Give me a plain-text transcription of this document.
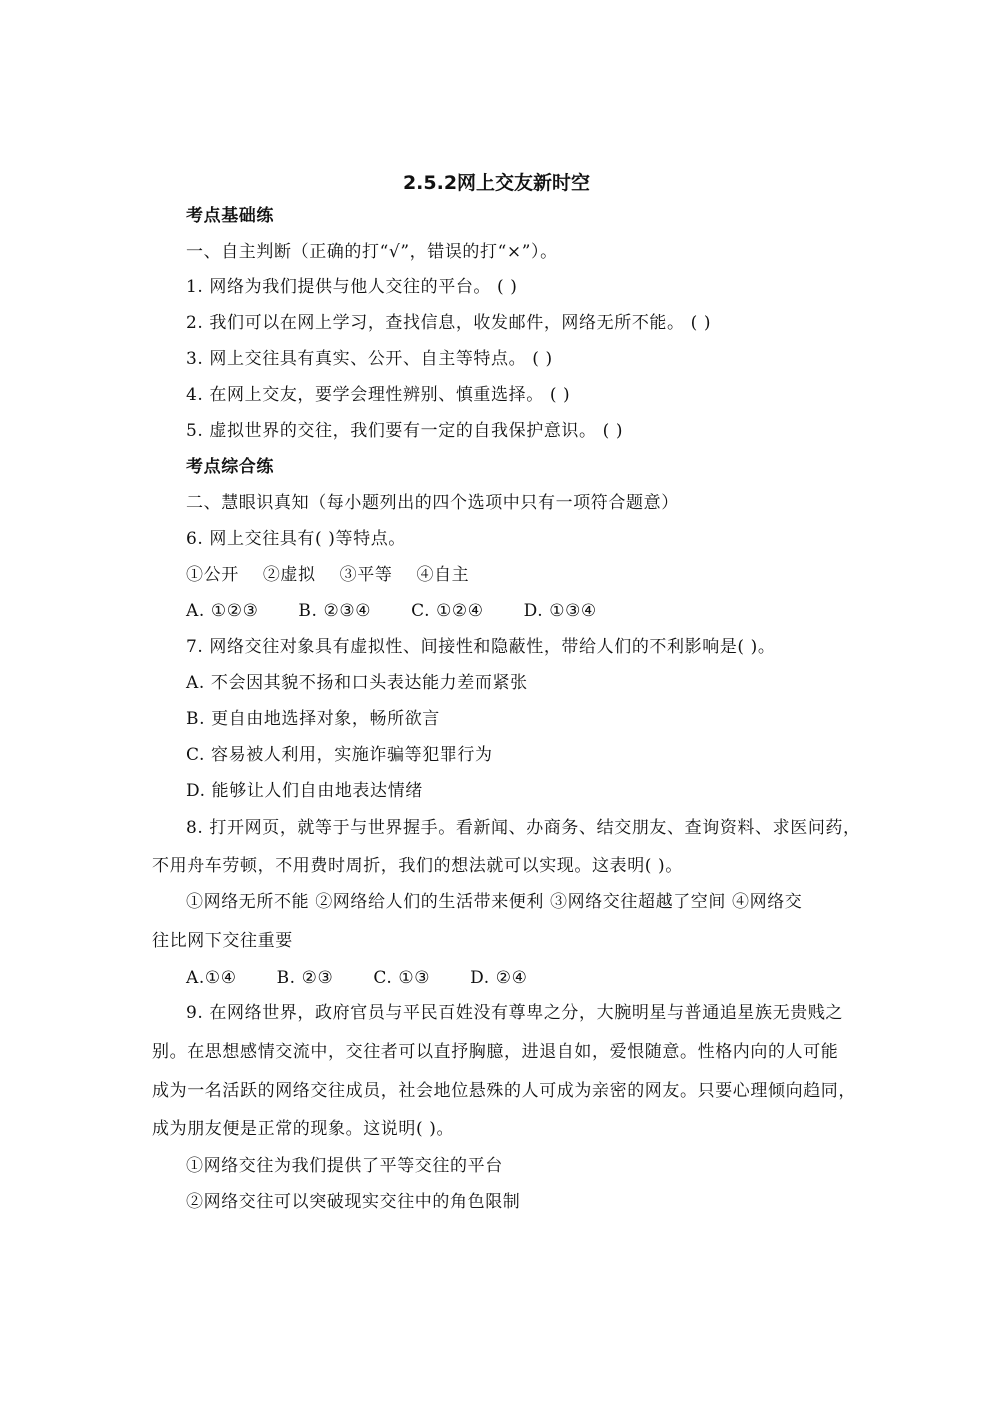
2.5.2网上交友新时空
考点基础练
一、自主判断（正确的打“√”，错误的打“×”）。
1. 网络为我们提供与他人交往的平台。 ( )
2. 我们可以在网上学习，查找信息，收发邮件，网络无所不能。 ( )
3. 网上交往具有真实、公开、自主等特点。 ( )
4. 在网上交友，要学会理性辨别、慎重选择。 ( )
5. 虚拟世界的交往，我们要有一定的自我保护意识。 ( )
考点综合练
二、慧眼识真知（每小题列出的四个选项中只有一项符合题意）
6. 网上交往具有( )等特点。
①公开 ②虚拟 ③平等 ④自主
A. ①②③ B. ②③④ C. ①②④ D. ①③④
7. 网络交往对象具有虚拟性、间接性和隐蔽性，带给人们的不利影响是( )。
A. 不会因其貌不扬和口头表达能力差而紧张
B. 更自由地选择对象，畅所欲言
C. 容易被人利用，实施诈骗等犯罪行为
D. 能够让人们自由地表达情绪
8. 打开网页，就等于与世界握手。看新闻、办商务、结交朋友、查询资料、求医问药，
不用舟车劳顿，不用费时周折，我们的想法就可以实现。这表明( )。
①网络无所不能 ②网络给人们的生活带来便利 ③网络交往超越了空间 ④网络交
往比网下交往重要
A.①④ B. ②③ C. ①③ D. ②④
9. 在网络世界，政府官员与平民百姓没有尊卑之分，大腕明星与普通追星族无贵贱之
别。在思想感情交流中，交往者可以直抒胸臆，进退自如，爱恨随意。性格内向的人可能
成为一名活跃的网络交往成员，社会地位悬殊的人可成为亲密的网友。只要心理倾向趋同，
成为朋友便是正常的现象。这说明( )。
①网络交往为我们提供了平等交往的平台
②网络交往可以突破现实交往中的角色限制
